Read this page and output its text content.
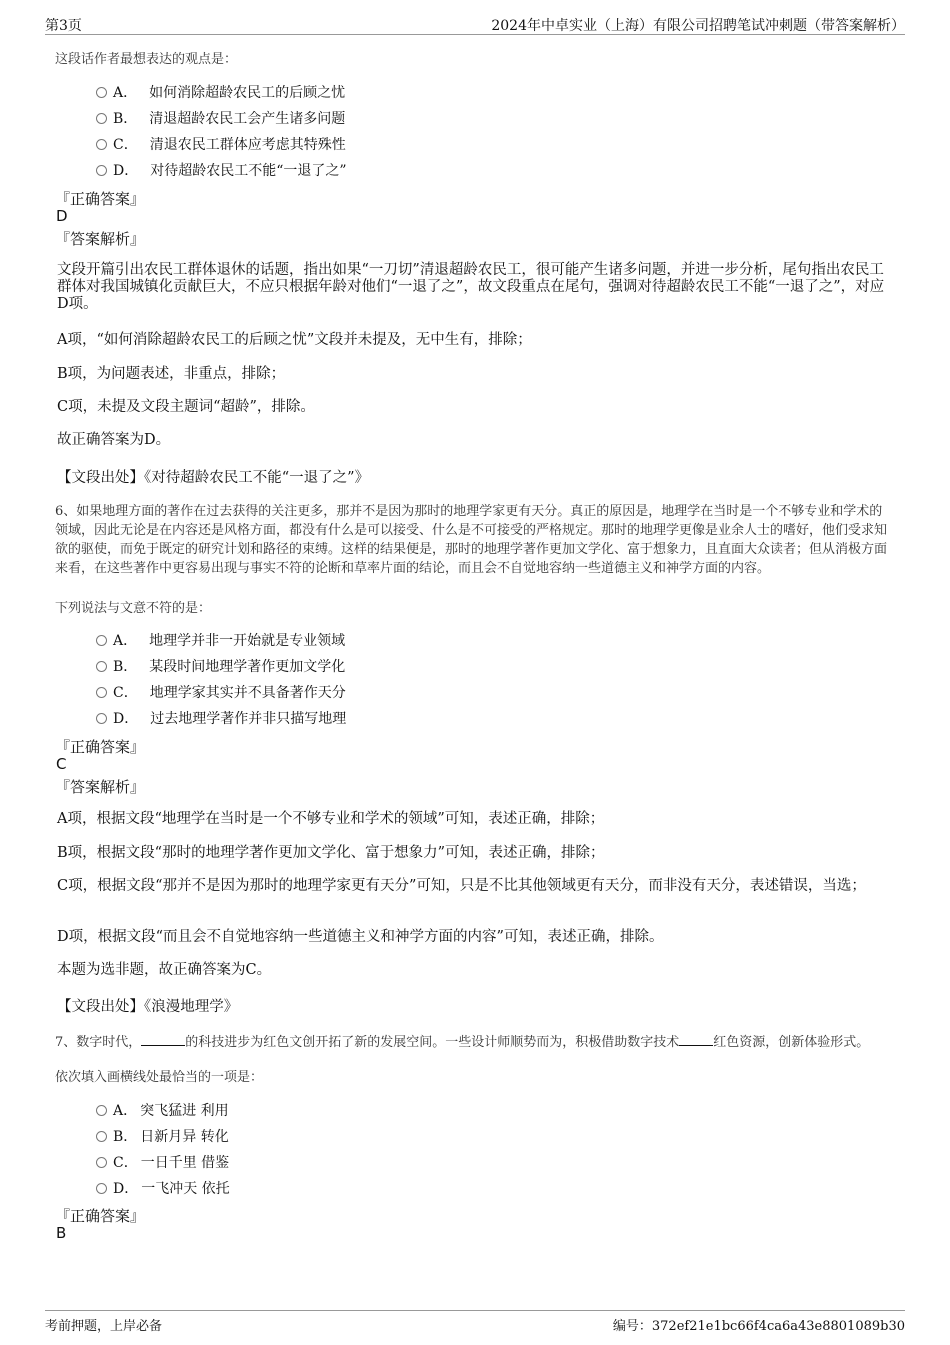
第3页	2024年中卓实业（上海）有限公司招聘笔试冲刺题（带答案解析）
这段话作者最想表达的观点是：
A． 如何消除超龄农民工的后顾之忧
B． 清退超龄农民工会产生诸多问题
C． 清退农民工群体应考虑其特殊性
D． 对待超龄农民工不能“一退了之”
『正确答案』
D
『答案解析』
文段开篇引出农民工群体退休的话题，指出如果“一刀切”清退超龄农民工，很可能产生诸多问题，并进一步分析，尾句指出农民工群体对我国城镇化贡献巨大，不应只根据年龄对他们“一退了之”，故文段重点在尾句，强调对待超龄农民工不能“一退了之”，对应D项。
A项，“如何消除超龄农民工的后顾之忧”文段并未提及，无中生有，排除；
B项，为问题表述，非重点，排除；
C项，未提及文段主题词“超龄”，排除。
故正确答案为D。
【文段出处】《对待超龄农民工不能“一退了之”》
6、如果地理方面的著作在过去获得的关注更多，那并不是因为那时的地理学家更有天分。真正的原因是，地理学在当时是一个不够专业和学术的领域，因此无论是在内容还是风格方面，都没有什么是可以接受、什么是不可接受的严格规定。那时的地理学更像是业余人士的嗜好，他们受求知欲的驱使，而免于既定的研究计划和路径的束缚。这样的结果便是，那时的地理学著作更加文学化、富于想象力，且直面大众读者；但从消极方面来看，在这些著作中更容易出现与事实不符的论断和草率片面的结论，而且会不自觉地容纳一些道德主义和神学方面的内容。
下列说法与文意不符的是：
A． 地理学并非一开始就是专业领域
B． 某段时间地理学著作更加文学化
C． 地理学家其实并不具备著作天分
D． 过去地理学著作并非只描写地理
『正确答案』
C
『答案解析』
A项，根据文段“地理学在当时是一个不够专业和学术的领域”可知，表述正确，排除；
B项，根据文段“那时的地理学著作更加文学化、富于想象力”可知，表述正确，排除；
C项，根据文段“那并不是因为那时的地理学家更有天分”可知，只是不比其他领域更有天分，而非没有天分，表述错误，当选；
D项，根据文段“而且会不自觉地容纳一些道德主义和神学方面的内容”可知，表述正确，排除。
本题为选非题，故正确答案为C。
【文段出处】《浪漫地理学》
7、数字时代，	的科技进步为红色文创开拓了新的发展空间。一些设计师顺势而为，积极借助数字技术	红色资源，创新体验形式。
依次填入画横线处最恰当的一项是：
A． 突飞猛进 利用
B． 日新月异 转化
C． 一日千里 借鉴
D． 一飞冲天 依托
『正确答案』
B
考前押题，上岸必备	编号：372ef21e1bc66f4ca6a43e8801089b30
